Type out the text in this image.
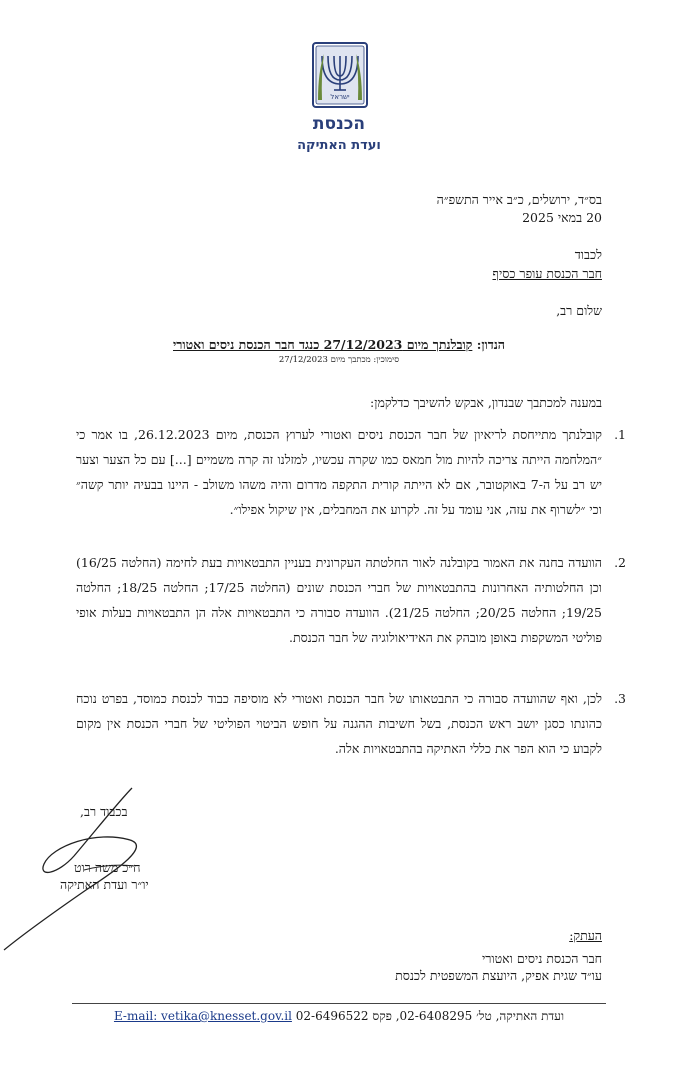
ישראל
הכנסת
ועדת האתיקה
בס״ד, ירושלים, כ״ב אייר התשפ״ה
20 במאי 2025
לכבוד
חבר הכנסת עופר כסיף
שלום רב,
הנדון: קובלנתך מיום 27/12/2023 כנגד חבר הכנסת ניסים ואטורי
סימוכין: מכתבך מיום 27/12/2023
במענה למכתבך שבנדון, אבקש להשיבך כדלקמן:
1.
קובלנתך מתייחסת לריאיון של חבר הכנסת ניסים ואטורי לערוץ הכנסת, מיום 26.12.2023, בו אמר כי ״המלחמה הייתה צריכה להיות מול חמאס כמו שקרה עכשיו, למזלנו זה קרה משמיים [...] עם כל הצער וצער יש רב על ה-7 באוקטובר, אם לא הייתה קורית התקפה מדרום והיה משהו משולב - היינו בבעיה יותר קשה״ וכי ״לשרוף את עזה, אני עומד על זה. לקרוע את המחבלים, אין שיקול אפילו״.
2.
הוועדה בחנה את האמור בקובלנה לאור החלטתה העקרונית בעניין התבטאויות בעת לחימה (החלטה 16/25) וכן החלטותיה האחרונות בהתבטאויות של חברי הכנסת שונים (החלטה 17/25; החלטה 18/25; החלטה 19/25; החלטה 20/25; החלטה 21/25). הוועדה סבורה כי התבטאויות אלה הן התבטאויות בעלות אופי פוליטי המשקפות באופן מובהק את האידיאולוגיה של חבר הכנסת.
3.
לכן, ואף שהוועדה סבורה כי התבטאותו של חבר הכנסת ואטורי לא מוסיפה כבוד לכנסת כמוסד, בפרט נוכח כהונתו כסגן יושב ראש הכנסת, בשל חשיבות ההגנה על חופש הביטוי הפוליטי של חברי הכנסת אין מקום לקבוע כי הוא הפר את כללי האתיקה בהתבטאויות אלה.
בכבוד רב,
ח״כ משה רוט
יו״ר ועדת האתיקה
העתק:
חבר הכנסת ניסים ואטורי
עו״ד שגית אפיק, היועצת המשפטית לכנסת
ועדת האתיקה, טל׳ 02-6408295, פקס 02-6496522 E-mail: vetika@knesset.gov.il
